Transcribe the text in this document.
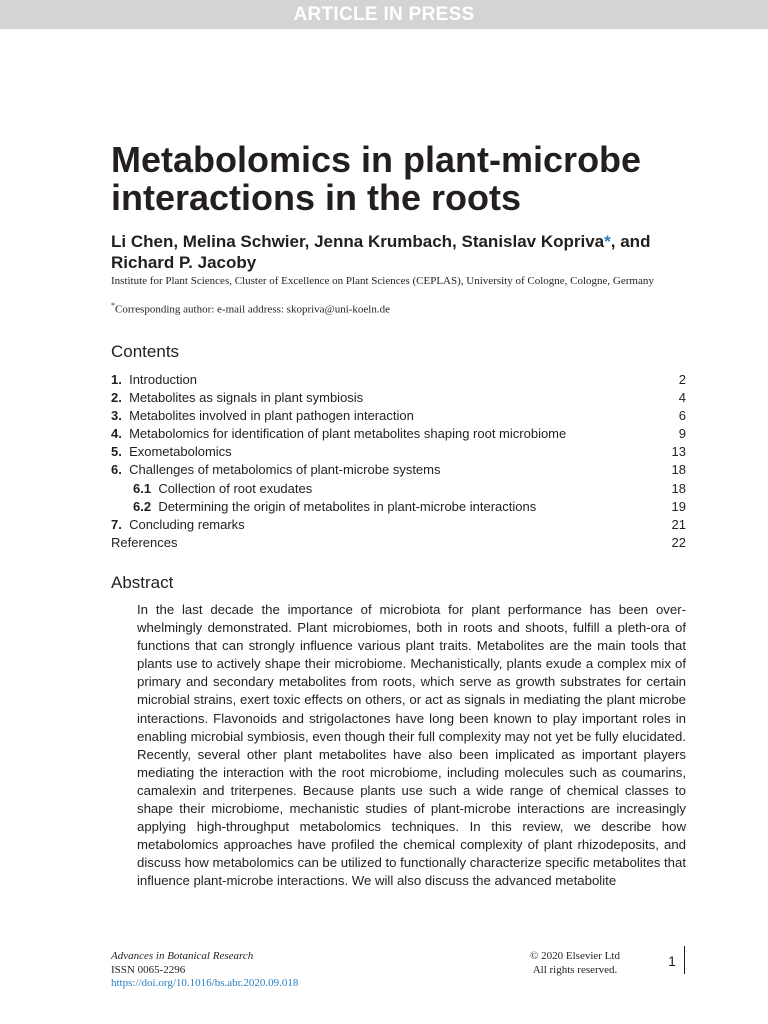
ARTICLE IN PRESS
Metabolomics in plant-microbe interactions in the roots

Li Chen, Melina Schwier, Jenna Krumbach, Stanislav Kopriva*, and Richard P. Jacoby

Institute for Plant Sciences, Cluster of Excellence on Plant Sciences (CEPLAS), University of Cologne, Cologne, Germany
*Corresponding author: e-mail address: skopriva@uni-koeln.de
Contents
1. Introduction	2
2. Metabolites as signals in plant symbiosis	4
3. Metabolites involved in plant pathogen interaction	6
4. Metabolomics for identification of plant metabolites shaping root microbiome	9
5. Exometabolomics	13
6. Challenges of metabolomics of plant-microbe systems	18
6.1 Collection of root exudates	18
6.2 Determining the origin of metabolites in plant-microbe interactions	19
7. Concluding remarks	21
References	22
Abstract

In the last decade the importance of microbiota for plant performance has been over-whelmingly demonstrated. Plant microbiomes, both in roots and shoots, fulfill a pleth-ora of functions that can strongly influence various plant traits. Metabolites are the main tools that plants use to actively shape their microbiome. Mechanistically, plants exude a complex mix of primary and secondary metabolites from roots, which serve as growth substrates for certain microbial strains, exert toxic effects on others, or act as signals in mediating the plant microbe interactions. Flavonoids and strigolactones have long been known to play important roles in enabling microbial symbiosis, even though their full complexity may not yet be fully elucidated. Recently, several other plant metabolites have also been implicated as important players mediating the interaction with the root microbiome, including molecules such as coumarins, camalexin and triterpenes. Because plants use such a wide range of chemical classes to shape their microbiome, mechanistic studies of plant-microbe interactions are increasingly applying high-throughput metabolomics techniques. In this review, we describe how metabolomics approaches have profiled the chemical complexity of plant rhizodeposits, and discuss how metabolomics can be utilized to functionally characterize specific metabolites that influence plant-microbe interactions. We will also discuss the advanced metabolite

Advances in Botanical Research
ISSN 0065-2296
https://doi.org/10.1016/bs.abr.2020.09.018
© 2020 Elsevier Ltd
All rights reserved.
1
